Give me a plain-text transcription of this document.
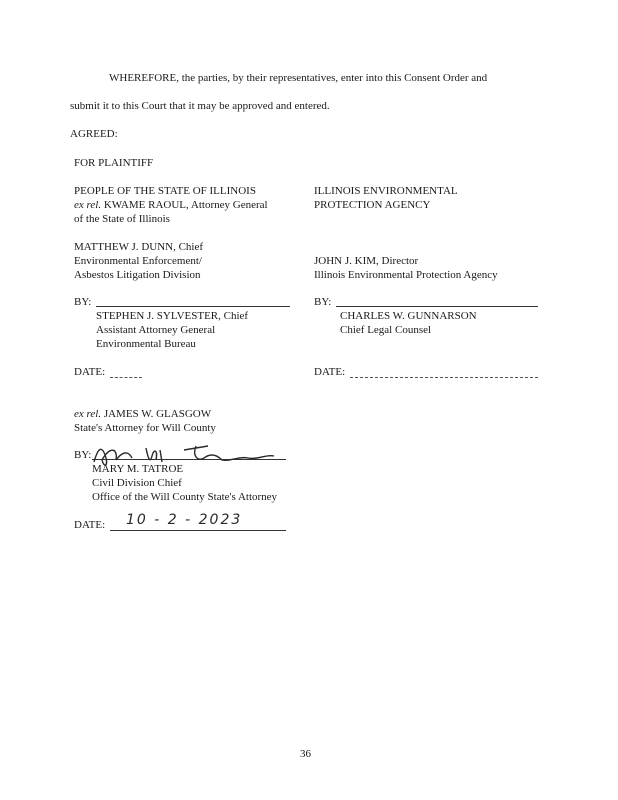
WHEREFORE, the parties, by their representatives, enter into this Consent Order and
submit it to this Court that it may be approved and entered.
AGREED:
FOR PLAINTIFF
PEOPLE OF THE STATE OF ILLINOIS
ex rel. KWAME RAOUL, Attorney General
of the State of Illinois
MATTHEW J. DUNN, Chief
Environmental Enforcement/
Asbestos Litigation Division
BY:
STEPHEN J. SYLVESTER, Chief
Assistant Attorney General
Environmental Bureau
DATE:
ILLINOIS ENVIRONMENTAL
PROTECTION AGENCY
JOHN J. KIM, Director
Illinois Environmental Protection Agency
BY:
CHARLES W. GUNNARSON
Chief Legal Counsel
DATE:
ex rel. JAMES W. GLASGOW
State's Attorney for Will County
BY:
MARY M. TATROE
Civil Division Chief
Office of the Will County State's Attorney
DATE: 10 - 2 - 2023
36
